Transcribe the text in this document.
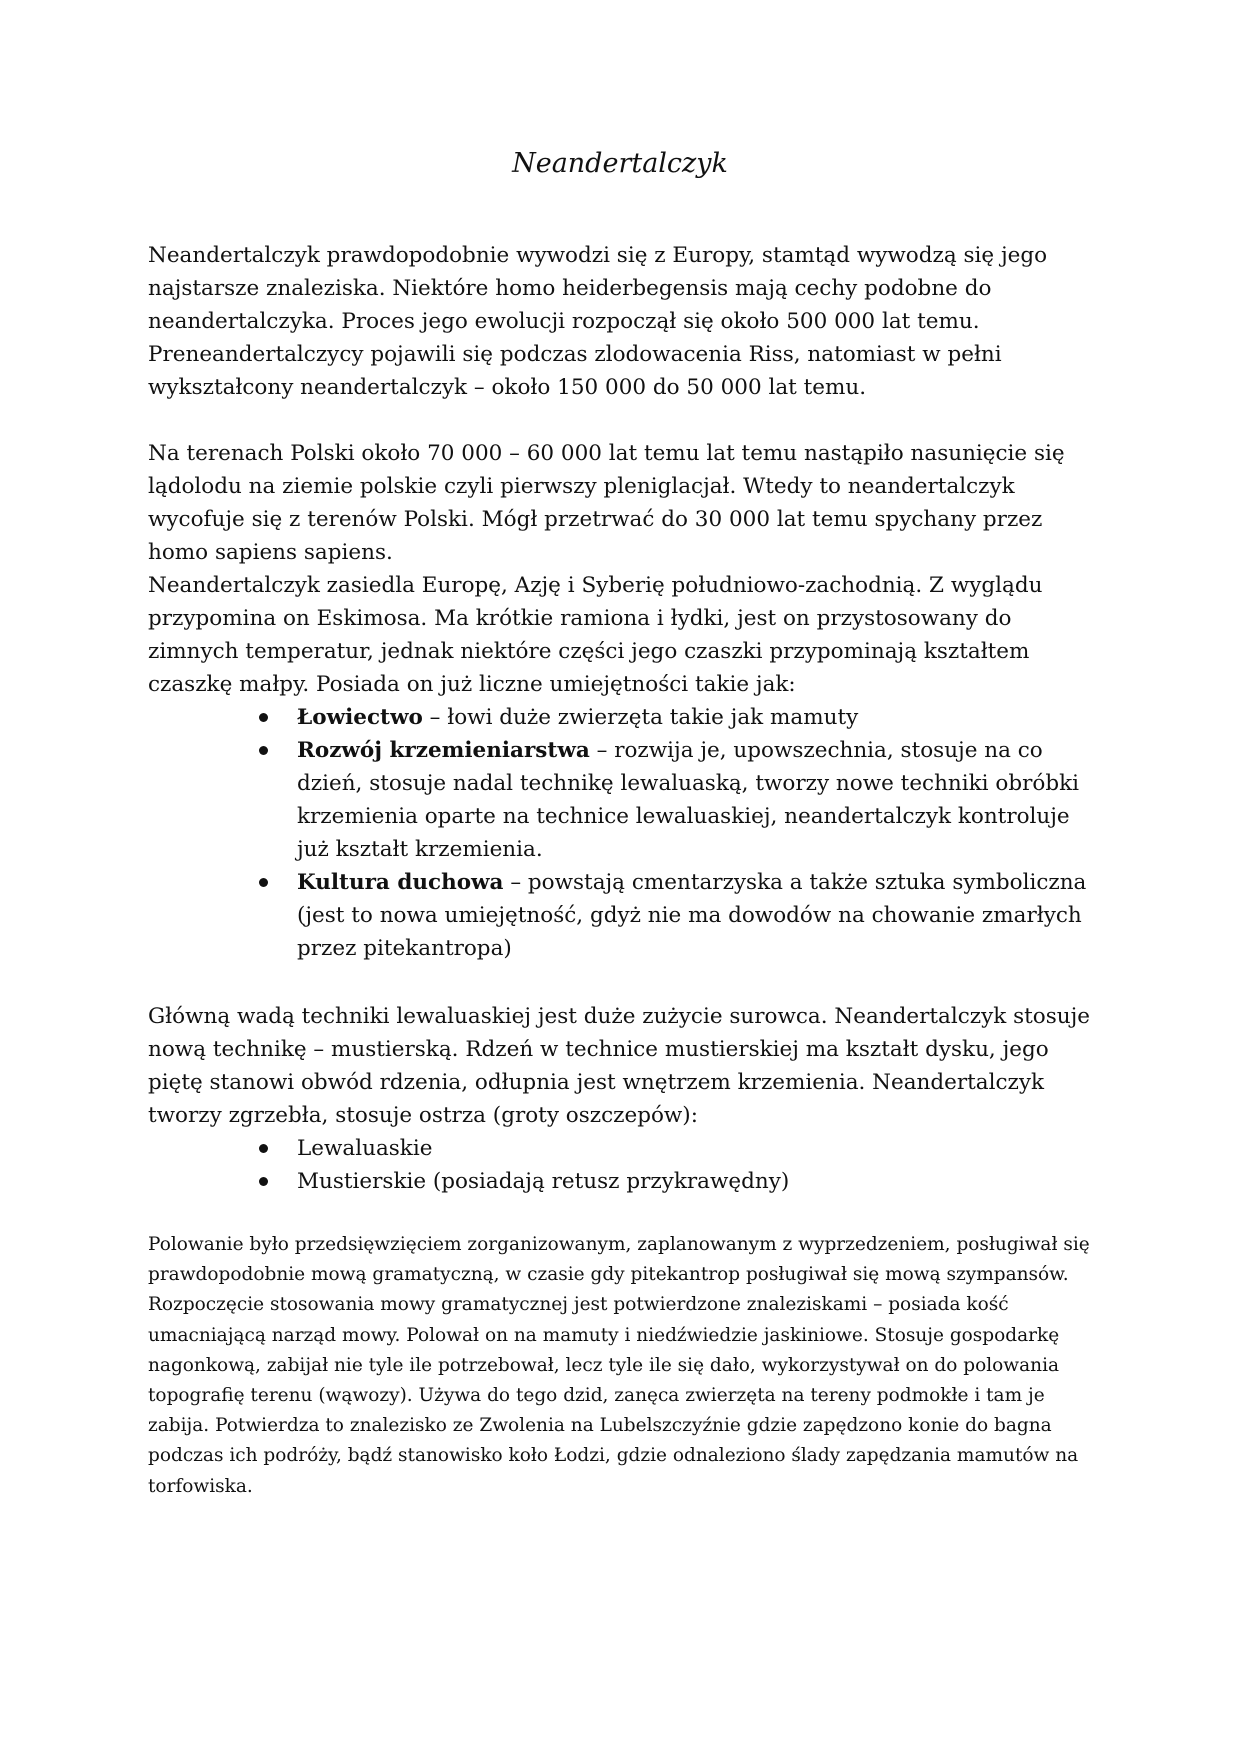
Neandertalczyk

Neandertalczyk prawdopodobnie wywodzi się z Europy, stamtąd wywodzą się jego najstarsze znaleziska. Niektóre homo heiderbegensis mają cechy podobne do neandertalczyka. Proces jego ewolucji rozpoczął się około 500 000 lat temu. Preneandertalczycy pojawili się podczas zlodowacenia Riss, natomiast w pełni wykształcony neandertalczyk – około 150 000 do 50 000 lat temu.

Na terenach Polski około 70 000 – 60 000 lat temu lat temu nastąpiło nasunięcie się lądolodu na ziemie polskie czyli pierwszy pleniglacjał. Wtedy to neandertalczyk wycofuje się z terenów Polski. Mógł przetrwać do 30 000 lat temu spychany przez homo sapiens sapiens.

Neandertalczyk zasiedla Europę, Azję i Syberię południowo-zachodnią. Z wyglądu przypomina on Eskimosa. Ma krótkie ramiona i łydki, jest on przystosowany do zimnych temperatur, jednak niektóre części jego czaszki przypominają kształtem czaszkę małpy. Posiada on już liczne umiejętności takie jak:

Łowiectwo – łowi duże zwierzęta takie jak mamuty
Rozwój krzemieniarstwa – rozwija je, upowszechnia, stosuje na co dzień, stosuje nadal technikę lewaluaską, tworzy nowe techniki obróbki krzemienia oparte na technice lewaluaskiej, neandertalczyk kontroluje już kształt krzemienia.
Kultura duchowa – powstają cmentarzyska a także sztuka symboliczna (jest to nowa umiejętność, gdyż nie ma dowodów na chowanie zmarłych przez pitekantropa)

Główną wadą techniki lewaluaskiej jest duże zużycie surowca. Neandertalczyk stosuje nową technikę – mustierską. Rdzeń w technice mustierskiej ma kształt dysku, jego piętę stanowi obwód rdzenia, odłupnia jest wnętrzem krzemienia. Neandertalczyk tworzy zgrzebła, stosuje ostrza (groty oszczepów):

Lewaluaskie
Mustierskie (posiadają retusz przykrawędny)

Polowanie było przedsięwzięciem zorganizowanym, zaplanowanym z wyprzedzeniem, posługiwał się prawdopodobnie mową gramatyczną, w czasie gdy pitekantrop posługiwał się mową szympansów. Rozpoczęcie stosowania mowy gramatycznej jest potwierdzone znaleziskami – posiada kość umacniającą narząd mowy. Polował on na mamuty i niedźwiedzie jaskiniowe. Stosuje gospodarkę nagonkową, zabijał nie tyle ile potrzebował, lecz tyle ile się dało, wykorzystywał on do polowania topografię terenu (wąwozy). Używa do tego dzid, zanęca zwierzęta na tereny podmokłe i tam je zabija. Potwierdza to znalezisko ze Zwolenia na Lubelszczyźnie gdzie zapędzono konie do bagna podczas ich podróży, bądź stanowisko koło Łodzi, gdzie odnaleziono ślady zapędzania mamutów na torfowiska.
